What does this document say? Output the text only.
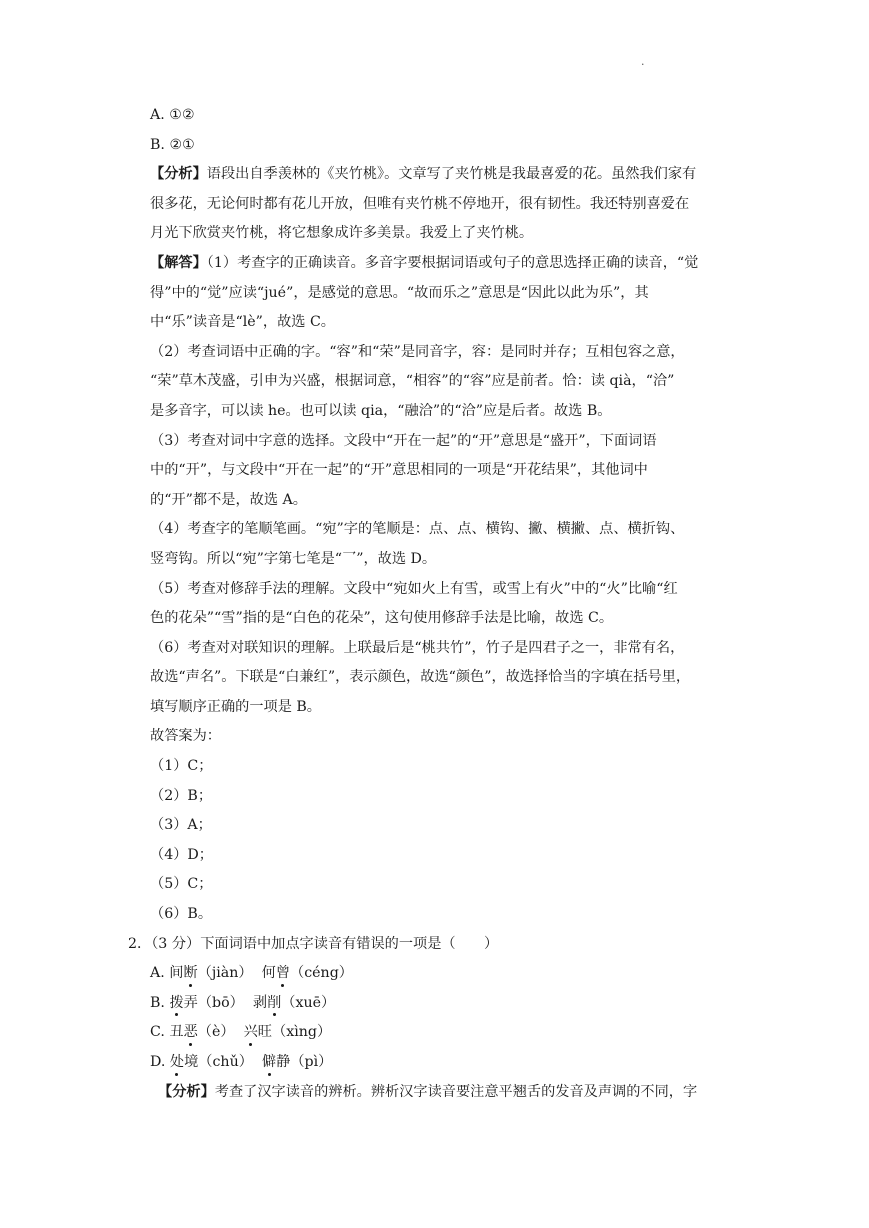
·
A. ①②
B. ②①
【分析】语段出自季羡林的《夹竹桃》。文章写了夹竹桃是我最喜爱的花。虽然我们家有
很多花，无论何时都有花儿开放，但唯有夹竹桃不停地开，很有韧性。我还特别喜爱在
月光下欣赏夹竹桃，将它想象成许多美景。我爱上了夹竹桃。
【解答】（1）考查字的正确读音。多音字要根据词语或句子的意思选择正确的读音，“觉
得”中的“觉”应读“jué”，是感觉的意思。“故而乐之”意思是“因此以此为乐”，其
中“乐”读音是“lè”，故选 C。
（2）考查词语中正确的字。“容”和“荣”是同音字，容：是同时并存；互相包容之意，
“荣”草木茂盛，引申为兴盛，根据词意，“相容”的“容”应是前者。恰：读 qià，“洽”
是多音字，可以读 he。也可以读 qia，“融洽”的“洽”应是后者。故选 B。
（3）考查对词中字意的选择。文段中“开在一起”的“开”意思是“盛开”，下面词语
中的“开”，与文段中“开在一起”的“开”意思相同的一项是“开花结果”，其他词中
的“开”都不是，故选 A。
（4）考查字的笔顺笔画。“宛”字的笔顺是：点、点、横钩、撇、横撇、点、横折钩、
竖弯钩。所以“宛”字第七笔是“乛”，故选 D。
（5）考查对修辞手法的理解。文段中“宛如火上有雪，或雪上有火”中的“火”比喻“红
色的花朵”“雪”指的是“白色的花朵”，这句使用修辞手法是比喻，故选 C。
（6）考查对对联知识的理解。上联最后是“桃共竹”，竹子是四君子之一，非常有名，
故选“声名”。下联是“白兼红”，表示颜色，故选“颜色”，故选择恰当的字填在括号里，
填写顺序正确的一项是 B。
故答案为：
（1）C；
（2）B；
（3）A；
（4）D；
（5）C；
（6）B。
2．（3 分）下面词语中加点字读音有错误的一项是（　　）
A. 间断（jiàn） 何曾（céng）
B. 拨弄（bō） 剥削（xuē）
C. 丑恶（è） 兴旺（xìng）
D. 处境（chǔ） 僻静（pì）
【分析】考查了汉字读音的辨析。辨析汉字读音要注意平翘舌的发音及声调的不同，字
